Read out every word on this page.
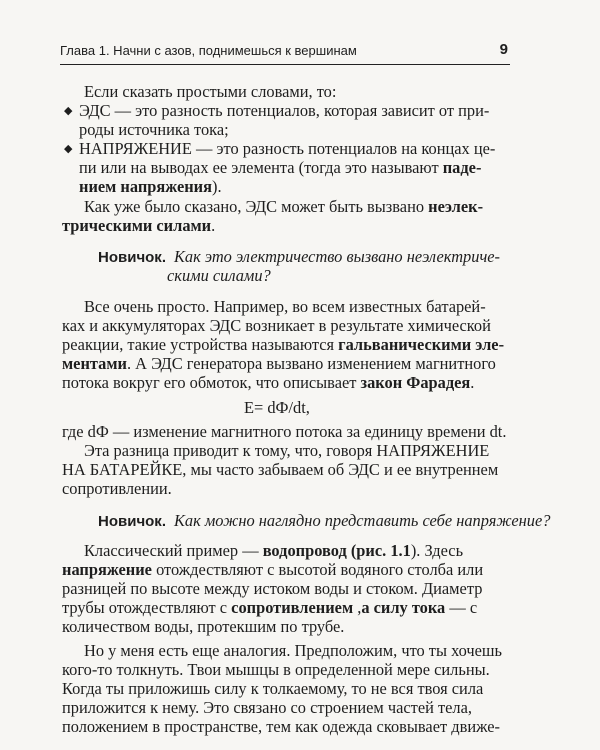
Глава 1. Начни с азов, поднимешься к вершинам	9
Если сказать простыми словами, то:
◆ ЭДС — это разность потенциалов, которая зависит от при-
роды источника тока;
◆ НАПРЯЖЕНИЕ — это разность потенциалов на концах це-
пи или на выводах ее элемента (тогда это называют паде-
нием напряжения).
Как уже было сказано, ЭДС может быть вызвано неэлек-
трическими силами.
Новичок. Как это электричество вызвано неэлектриче-
скими силами?
Все очень просто. Например, во всем известных батарей-
ках и аккумуляторах ЭДС возникает в результате химической
реакции, такие устройства называются гальваническими эле-
ментами. А ЭДС генератора вызвано изменением магнитного
потока вокруг его обмоток, что описывает закон Фарадея.
E= dФ/dt,
где dФ — изменение магнитного потока за единицу времени dt.
Эта разница приводит к тому, что, говоря НАПРЯЖЕНИЕ
НА БАТАРЕЙКЕ, мы часто забываем об ЭДС и ее внутреннем
сопротивлении.
Новичок. Как можно наглядно представить себе напряжение?
Классический пример — водопровод (рис. 1.1). Здесь
напряжение отождествляют с высотой водяного столба или
разницей по высоте между истоком воды и стоком. Диаметр
трубы отождествляют с сопротивлением ,а силу тока — с
количеством воды, протекшим по трубе.
Но у меня есть еще аналогия. Предположим, что ты хочешь
кого-то толкнуть. Твои мышцы в определенной мере сильны.
Когда ты приложишь силу к толкаемому, то не вся твоя сила
приложится к нему. Это связано со строением частей тела,
положением в пространстве, тем как одежда сковывает движе-
